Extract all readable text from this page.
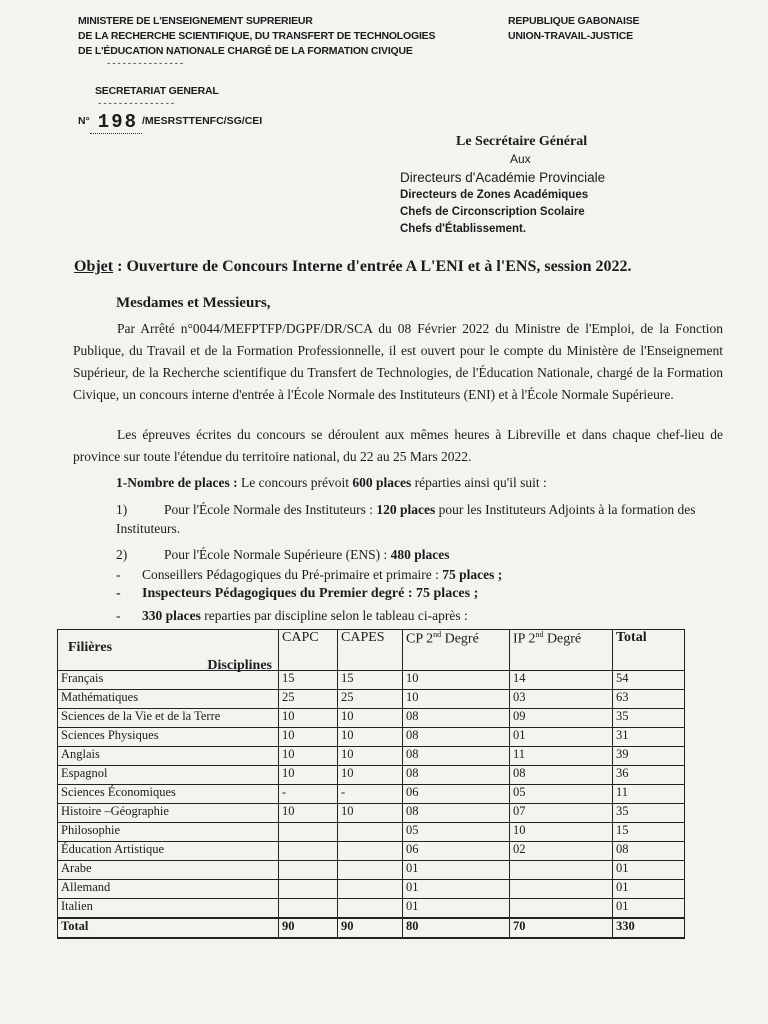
MINISTERE DE L'ENSEIGNEMENT SUPRERIEUR
DE LA RECHERCHE SCIENTIFIQUE, DU TRANSFERT DE TECHNOLOGIES
DE L'ÉDUCATION NATIONALE CHARGÉ DE LA FORMATION CIVIQUE
---------------
SECRETARIAT GENERAL
---------------
N° 198 /MESRSTTENFC/SG/CEI
REPUBLIQUE GABONAISE
UNION-TRAVAIL-JUSTICE
Le Secrétaire Général
Aux
Directeurs d'Académie Provinciale
Directeurs de Zones Académiques
Chefs de Circonscription Scolaire
Chefs d'Établissement.
Objet : Ouverture de Concours Interne d'entrée A L'ENI et à l'ENS, session 2022.
Mesdames et Messieurs,
Par Arrêté n°0044/MEFPTFP/DGPF/DR/SCA du 08 Février 2022 du Ministre de l'Emploi, de la Fonction Publique, du Travail et de la Formation Professionnelle, il est ouvert pour le compte du Ministère de l'Enseignement Supérieur, de la Recherche scientifique du Transfert de Technologies, de l'Éducation Nationale, chargé de la Formation Civique, un concours interne d'entrée à l'École Normale des Instituteurs (ENI) et à l'École Normale Supérieure.
Les épreuves écrites du concours se déroulent aux mêmes heures à Libreville et dans chaque chef-lieu de province sur toute l'étendue du territoire national, du 22 au 25 Mars 2022.
1-Nombre de places : Le concours prévoit 600 places réparties ainsi qu'il suit :
1)	Pour l'École Normale des Instituteurs : 120 places pour les Instituteurs Adjoints à la formation des Instituteurs.
2)	Pour l'École Normale Supérieure (ENS) : 480 places
- Conseillers Pédagogiques du Pré-primaire et primaire : 75 places ;
- Inspecteurs Pédagogiques du Premier degré : 75 places ;
- 330 places reparties par discipline selon le tableau ci-après :
Filières
Disciplines	CAPC	CAPES	CP 2nd Degré	IP 2nd Degré	Total
Français	15	15	10	14	54
Mathématiques	25	25	10	03	63
Sciences de la Vie et de la Terre	10	10	08	09	35
Sciences Physiques	10	10	08	01	31
Anglais	10	10	08	11	39
Espagnol	10	10	08	08	36
Sciences Économiques	-	-	06	05	11
Histoire –Géographie	10	10	08	07	35
Philosophie			05	10	15
Éducation Artistique			06	02	08
Arabe			01		01
Allemand			01		01
Italien			01		01
Total	90	90	80	70	330
